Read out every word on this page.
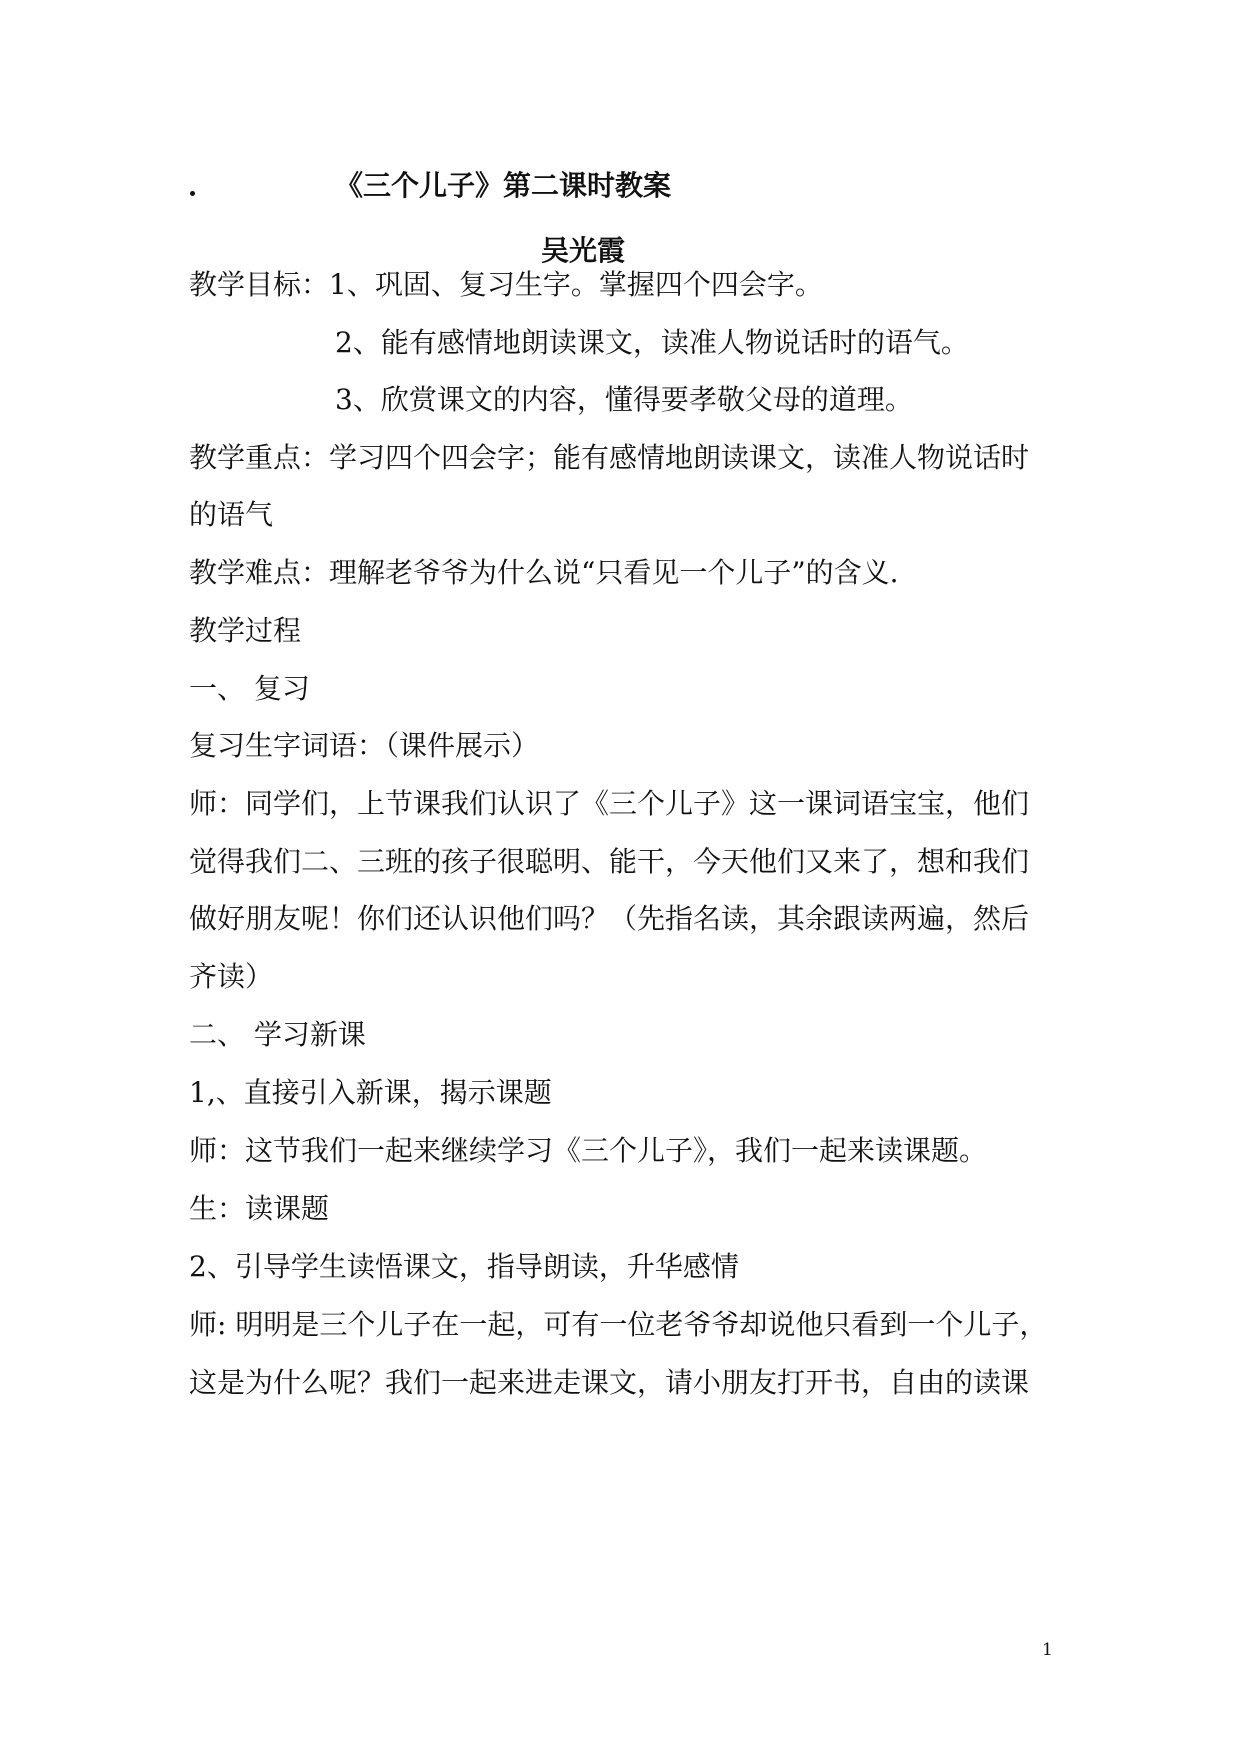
《三个儿子》第二课时教案
吴光霞
教学目标：1、巩固、复习生字。掌握四个四会字。
2、能有感情地朗读课文，读准人物说话时的语气。
3、欣赏课文的内容，懂得要孝敬父母的道理。
教学重点：学习四个四会字；能有感情地朗读课文，读准人物说话时
的语气
教学难点：理解老爷爷为什么说“只看见一个儿子”的含义.
教学过程
一、 复习
复习生字词语：（课件展示）
师：同学们，上节课我们认识了《三个儿子》这一课词语宝宝，他们
觉得我们二、三班的孩子很聪明、能干，今天他们又来了，想和我们
做好朋友呢！你们还认识他们吗？（先指名读，其余跟读两遍，然后
齐读）
二、 学习新课
1,、直接引入新课，揭示课题
师：这节我们一起来继续学习《三个儿子》，我们一起来读课题。
生：读课题
2、引导学生读悟课文，指导朗读，升华感情
师: 明明是三个儿子在一起，可有一位老爷爷却说他只看到一个儿子，
这是为什么呢？我们一起来进走课文，请小朋友打开书，自由的读课
1
